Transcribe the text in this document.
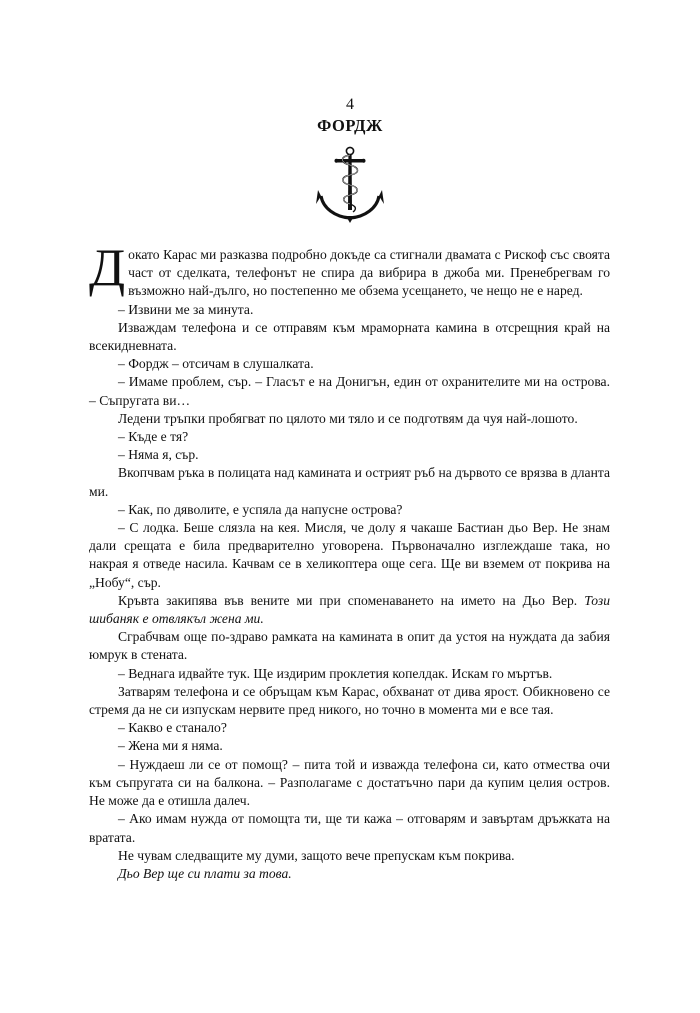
4
ФОРДЖ

Докато Карас ми разказва подробно докъде са стигнали двамата с Рискоф със своята част от сделката, телефонът не спира да вибрира в джоба ми. Пренебрегвам го възможно най-дълго, но постепенно ме обзема усещането, че нещо не е наред.

– Извини ме за минута.

Изваждам телефона и се отправям към мраморната камина в отсрещния край на всекидневната.

– Фордж – отсичам в слушалката.

– Имаме проблем, сър. – Гласът е на Донигън, един от охранителите ми на острова. – Съпругата ви…

Ледени тръпки пробягват по цялото ми тяло и се подготвям да чуя най-лошото.

– Къде е тя?

– Няма я, сър.

Вкопчвам ръка в полицата над камината и острият ръб на дървото се врязва в дланта ми.

– Как, по дяволите, е успяла да напусне острова?

– С лодка. Беше слязла на кея. Мисля, че долу я чакаше Бастиан дьо Вер. Не знам дали срещата е била предварително уговорена. Първоначално изглеждаше така, но накрая я отведе насила. Качвам се в хеликоптера още сега. Ще ви вземем от покрива на „Нобу“, сър.

Кръвта закипява във вените ми при споменаването на името на Дьо Вер. Този шибаняк е отвлякъл жена ми.

Сграбчвам още по-здраво рамката на камината в опит да устоя на нуждата да забия юмрук в стената.

– Веднага идвайте тук. Ще издирим проклетия копелдак. Искам го мъртъв.

Затварям телефона и се обръщам към Карас, обхванат от дива ярост. Обикновено се стремя да не си изпускам нервите пред никого, но точно в момента ми е все тая.

– Какво е станало?

– Жена ми я няма.

– Нуждаеш ли се от помощ? – пита той и изважда телефона си, като отмества очи към съпругата си на балкона. – Разполагаме с достатъчно пари да купим целия остров. Не може да е отишла далеч.

– Ако имам нужда от помощта ти, ще ти кажа – отговарям и завъртам дръжката на вратата.

Не чувам следващите му думи, защото вече препускам към покрива.

Дьо Вер ще си плати за това.
